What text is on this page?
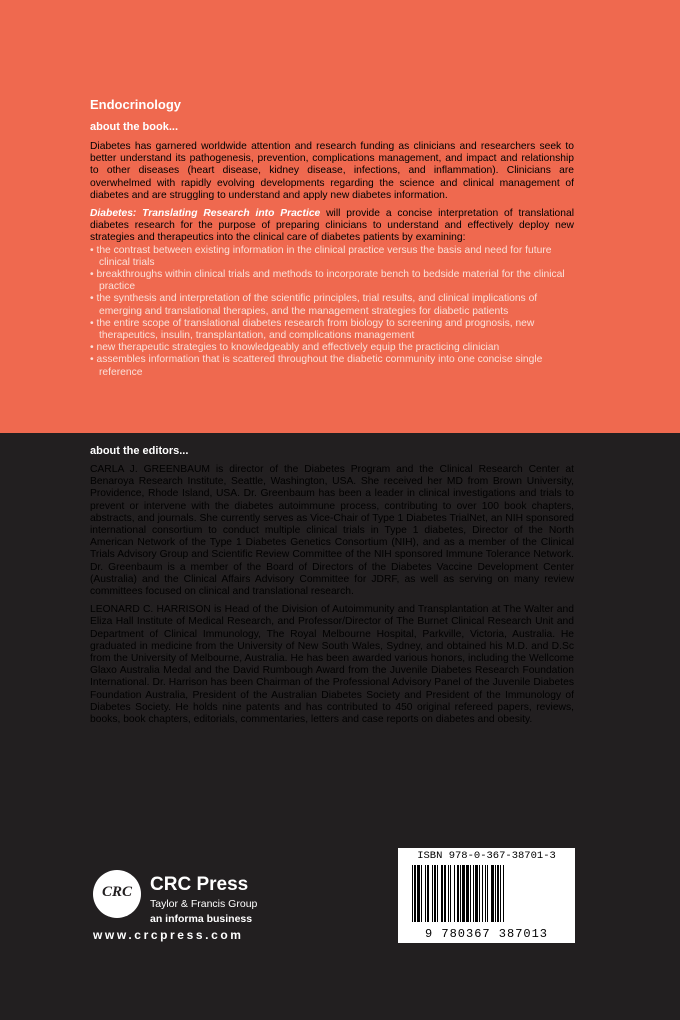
Endocrinology
about the book...

Diabetes has garnered worldwide attention and research funding as clinicians and researchers seek to better understand its pathogenesis, prevention, complications management, and impact and relationship to other diseases (heart disease, kidney disease, infections, and inflammation). Clinicians are overwhelmed with rapidly evolving developments regarding the science and clinical management of diabetes and are struggling to understand and apply new diabetes information.

Diabetes: Translating Research into Practice will provide a concise interpretation of translational diabetes research for the purpose of preparing clinicians to understand and effectively deploy new strategies and therapeutics into the clinical care of diabetes patients by examining:

• the contrast between existing information in the clinical practice versus the basis and need for future clinical trials
• breakthroughs within clinical trials and methods to incorporate bench to bedside material for the clinical practice
• the synthesis and interpretation of the scientific principles, trial results, and clinical implications of emerging and translational therapies, and the management strategies for diabetic patients
• the entire scope of translational diabetes research from biology to screening and prognosis, new therapeutics, insulin, transplantation, and complications management
• new therapeutic strategies to knowledgeably and effectively equip the practicing clinician
• assembles information that is scattered throughout the diabetic community into one concise single reference
about the editors...

CARLA J. GREENBAUM is director of the Diabetes Program and the Clinical Research Center at Benaroya Research Institute, Seattle, Washington, USA. She received her MD from Brown University, Providence, Rhode Island, USA. Dr. Greenbaum has been a leader in clinical investigations and trials to prevent or intervene with the diabetes autoimmune process, contributing to over 100 book chapters, abstracts, and journals. She currently serves as Vice-Chair of Type 1 Diabetes TrialNet, an NIH sponsored international consortium to conduct multiple clinical trials in Type 1 diabetes, Director of the North American Network of the Type 1 Diabetes Genetics Consortium (NIH), and as a member of the Clinical Trials Advisory Group and Scientific Review Committee of the NIH sponsored Immune Tolerance Network. Dr. Greenbaum is a member of the Board of Directors of the Diabetes Vaccine Development Center (Australia) and the Clinical Affairs Advisory Committee for JDRF, as well as serving on many review committees focused on clinical and translational research.

LEONARD C. HARRISON is Head of the Division of Autoimmunity and Transplantation at The Walter and Eliza Hall Institute of Medical Research, and Professor/Director of The Burnet Clinical Research Unit and Department of Clinical Immunology, The Royal Melbourne Hospital, Parkville, Victoria, Australia. He graduated in medicine from the University of New South Wales, Sydney, and obtained his M.D. and D.Sc from the University of Melbourne, Australia. He has been awarded various honors, including the Wellcome Glaxo Australia Medal and the David Rumbough Award from the Juvenile Diabetes Research Foundation International. Dr. Harrison has been Chairman of the Professional Advisory Panel of the Juvenile Diabetes Foundation Australia, President of the Australian Diabetes Society and President of the Immunology of Diabetes Society. He holds nine patents and has contributed to 450 original refereed papers, reviews, books, book chapters, editorials, commentaries, letters and case reports on diabetes and obesity.

ISBN 978-0-367-38701-3
9 780367 387013
CRC CRC Press
Taylor & Francis Group
an informa business
www.crcpress.com
